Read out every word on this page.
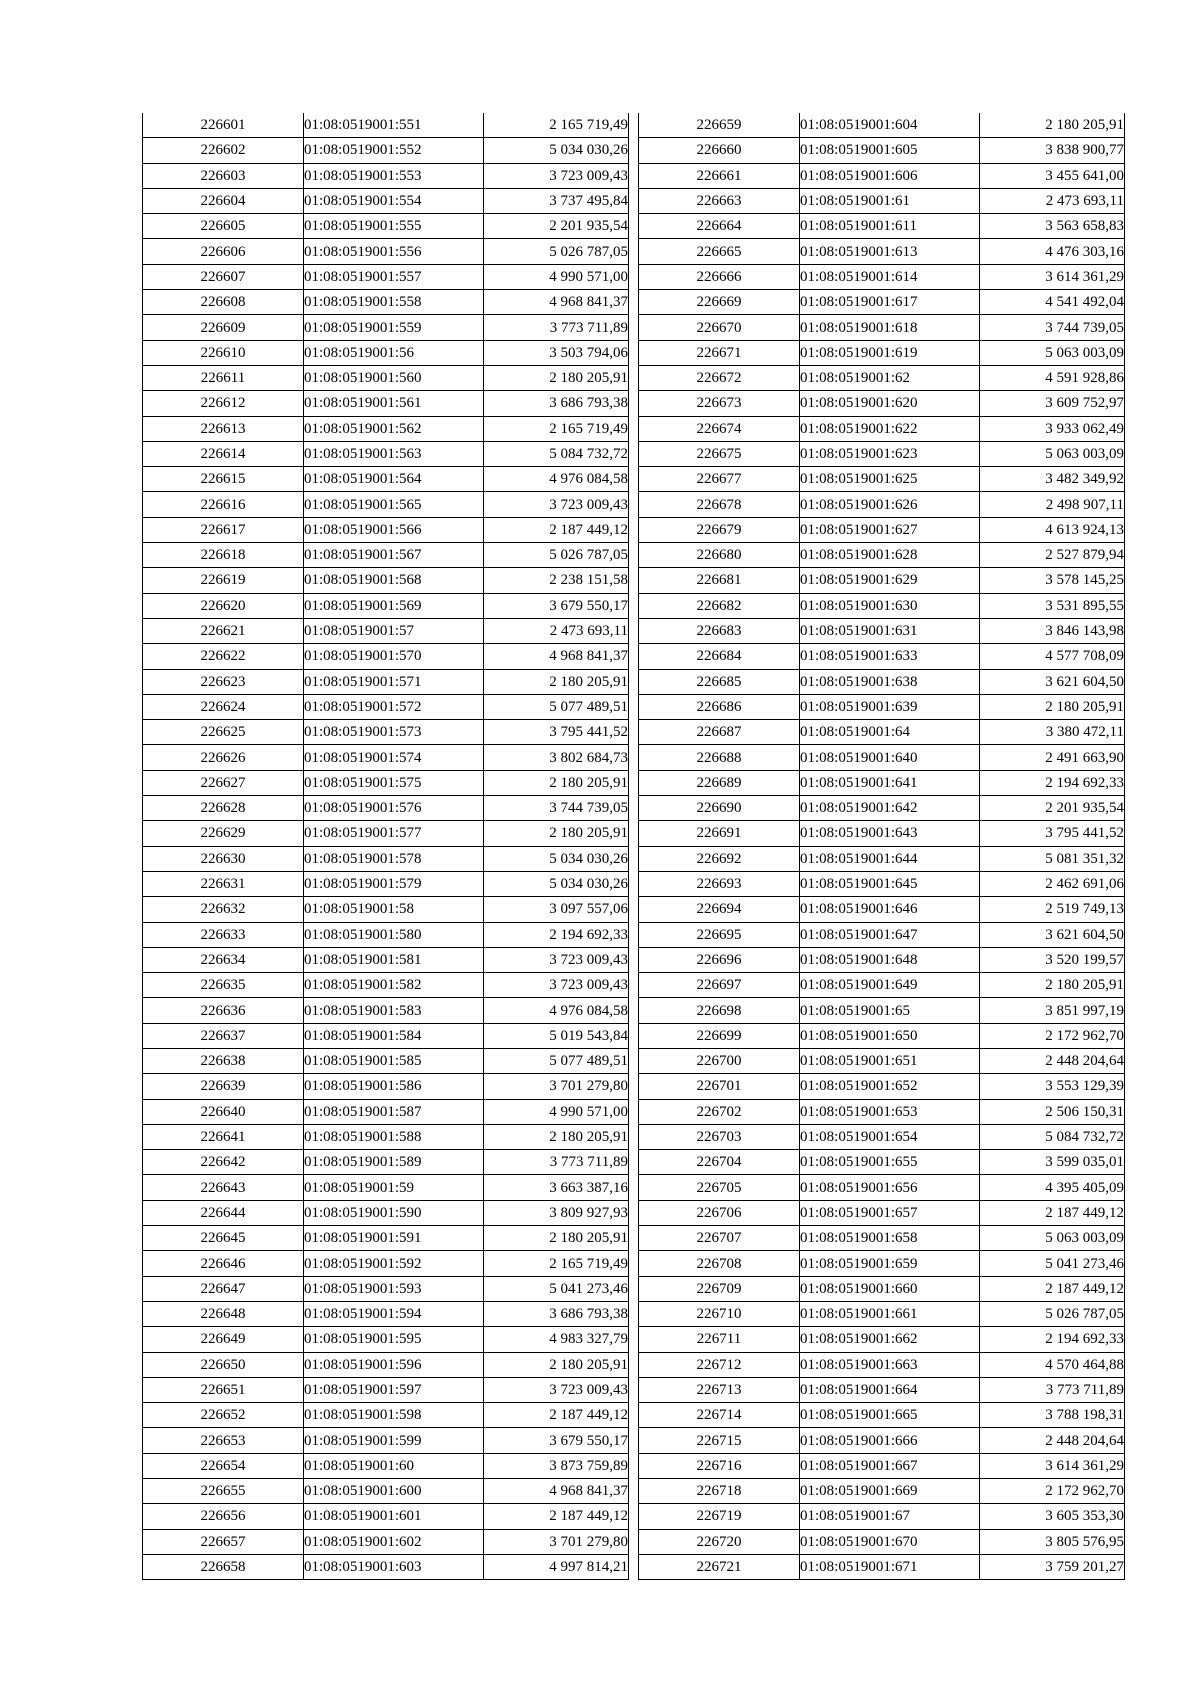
226601	01:08:0519001:551	2 165 719,49
226602	01:08:0519001:552	5 034 030,26
226603	01:08:0519001:553	3 723 009,43
226604	01:08:0519001:554	3 737 495,84
226605	01:08:0519001:555	2 201 935,54
226606	01:08:0519001:556	5 026 787,05
226607	01:08:0519001:557	4 990 571,00
226608	01:08:0519001:558	4 968 841,37
226609	01:08:0519001:559	3 773 711,89
226610	01:08:0519001:56	3 503 794,06
226611	01:08:0519001:560	2 180 205,91
226612	01:08:0519001:561	3 686 793,38
226613	01:08:0519001:562	2 165 719,49
226614	01:08:0519001:563	5 084 732,72
226615	01:08:0519001:564	4 976 084,58
226616	01:08:0519001:565	3 723 009,43
226617	01:08:0519001:566	2 187 449,12
226618	01:08:0519001:567	5 026 787,05
226619	01:08:0519001:568	2 238 151,58
226620	01:08:0519001:569	3 679 550,17
226621	01:08:0519001:57	2 473 693,11
226622	01:08:0519001:570	4 968 841,37
226623	01:08:0519001:571	2 180 205,91
226624	01:08:0519001:572	5 077 489,51
226625	01:08:0519001:573	3 795 441,52
226626	01:08:0519001:574	3 802 684,73
226627	01:08:0519001:575	2 180 205,91
226628	01:08:0519001:576	3 744 739,05
226629	01:08:0519001:577	2 180 205,91
226630	01:08:0519001:578	5 034 030,26
226631	01:08:0519001:579	5 034 030,26
226632	01:08:0519001:58	3 097 557,06
226633	01:08:0519001:580	2 194 692,33
226634	01:08:0519001:581	3 723 009,43
226635	01:08:0519001:582	3 723 009,43
226636	01:08:0519001:583	4 976 084,58
226637	01:08:0519001:584	5 019 543,84
226638	01:08:0519001:585	5 077 489,51
226639	01:08:0519001:586	3 701 279,80
226640	01:08:0519001:587	4 990 571,00
226641	01:08:0519001:588	2 180 205,91
226642	01:08:0519001:589	3 773 711,89
226643	01:08:0519001:59	3 663 387,16
226644	01:08:0519001:590	3 809 927,93
226645	01:08:0519001:591	2 180 205,91
226646	01:08:0519001:592	2 165 719,49
226647	01:08:0519001:593	5 041 273,46
226648	01:08:0519001:594	3 686 793,38
226649	01:08:0519001:595	4 983 327,79
226650	01:08:0519001:596	2 180 205,91
226651	01:08:0519001:597	3 723 009,43
226652	01:08:0519001:598	2 187 449,12
226653	01:08:0519001:599	3 679 550,17
226654	01:08:0519001:60	3 873 759,89
226655	01:08:0519001:600	4 968 841,37
226656	01:08:0519001:601	2 187 449,12
226657	01:08:0519001:602	3 701 279,80
226658	01:08:0519001:603	4 997 814,21
226659	01:08:0519001:604	2 180 205,91
226660	01:08:0519001:605	3 838 900,77
226661	01:08:0519001:606	3 455 641,00
226663	01:08:0519001:61	2 473 693,11
226664	01:08:0519001:611	3 563 658,83
226665	01:08:0519001:613	4 476 303,16
226666	01:08:0519001:614	3 614 361,29
226669	01:08:0519001:617	4 541 492,04
226670	01:08:0519001:618	3 744 739,05
226671	01:08:0519001:619	5 063 003,09
226672	01:08:0519001:62	4 591 928,86
226673	01:08:0519001:620	3 609 752,97
226674	01:08:0519001:622	3 933 062,49
226675	01:08:0519001:623	5 063 003,09
226677	01:08:0519001:625	3 482 349,92
226678	01:08:0519001:626	2 498 907,11
226679	01:08:0519001:627	4 613 924,13
226680	01:08:0519001:628	2 527 879,94
226681	01:08:0519001:629	3 578 145,25
226682	01:08:0519001:630	3 531 895,55
226683	01:08:0519001:631	3 846 143,98
226684	01:08:0519001:633	4 577 708,09
226685	01:08:0519001:638	3 621 604,50
226686	01:08:0519001:639	2 180 205,91
226687	01:08:0519001:64	3 380 472,11
226688	01:08:0519001:640	2 491 663,90
226689	01:08:0519001:641	2 194 692,33
226690	01:08:0519001:642	2 201 935,54
226691	01:08:0519001:643	3 795 441,52
226692	01:08:0519001:644	5 081 351,32
226693	01:08:0519001:645	2 462 691,06
226694	01:08:0519001:646	2 519 749,13
226695	01:08:0519001:647	3 621 604,50
226696	01:08:0519001:648	3 520 199,57
226697	01:08:0519001:649	2 180 205,91
226698	01:08:0519001:65	3 851 997,19
226699	01:08:0519001:650	2 172 962,70
226700	01:08:0519001:651	2 448 204,64
226701	01:08:0519001:652	3 553 129,39
226702	01:08:0519001:653	2 506 150,31
226703	01:08:0519001:654	5 084 732,72
226704	01:08:0519001:655	3 599 035,01
226705	01:08:0519001:656	4 395 405,09
226706	01:08:0519001:657	2 187 449,12
226707	01:08:0519001:658	5 063 003,09
226708	01:08:0519001:659	5 041 273,46
226709	01:08:0519001:660	2 187 449,12
226710	01:08:0519001:661	5 026 787,05
226711	01:08:0519001:662	2 194 692,33
226712	01:08:0519001:663	4 570 464,88
226713	01:08:0519001:664	3 773 711,89
226714	01:08:0519001:665	3 788 198,31
226715	01:08:0519001:666	2 448 204,64
226716	01:08:0519001:667	3 614 361,29
226718	01:08:0519001:669	2 172 962,70
226719	01:08:0519001:67	3 605 353,30
226720	01:08:0519001:670	3 805 576,95
226721	01:08:0519001:671	3 759 201,27
